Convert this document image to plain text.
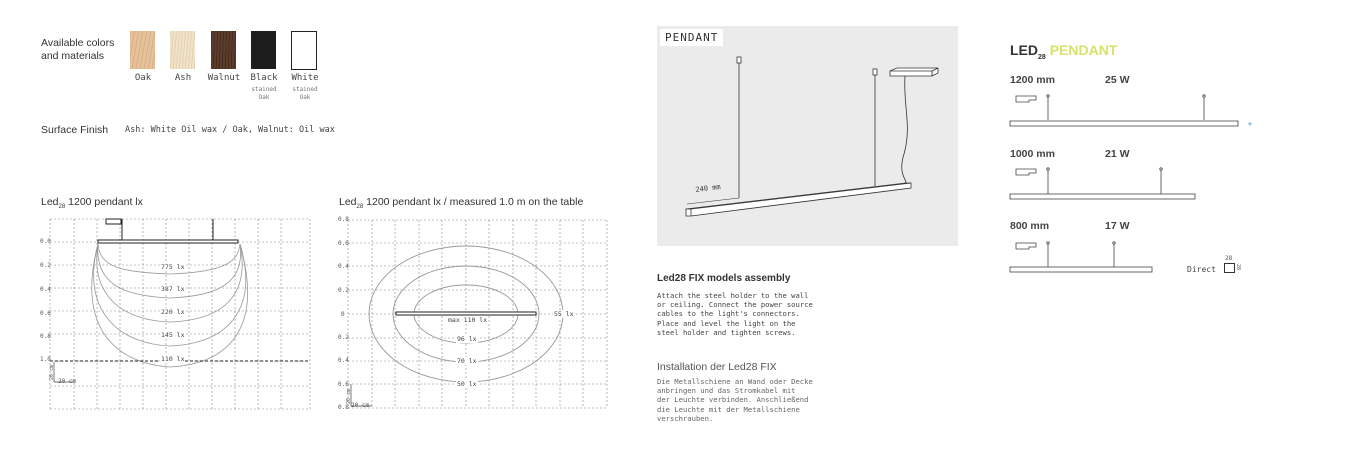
Available colors
and materials
Oak	Ash	Walnut	Black	White
stained
Oak
stained
Oak
Surface Finish Ash: White Oil wax / Oak, Walnut: Oil wax
Led$_{28}$ 1200 pendant lx
0.0
0.2
0.4
0.6
0.8
1.0
775 lx
387 lx
220 lx
145 lx
110 lx
20 cm
20 cm
Led$_{28}$ 1200 pendant lx / measured 1.0 m on the table
0.8
0.6
0.4
0.2
0
0.2
0.4
0.6
0.8
max 110 lx
96 lx
70 lx
50 lx
55 lx
20 cm
20 cm
PENDANT
240 mm
Led28 FIX models assembly
Attach the steel holder to the wall
or ceiling. Connect the power source
cables to the light's connectors.
Place and level the light on the
steel holder and tighten screws.
Installation der Led28 FIX
Die Metallschiene an Wand oder Decke
anbringen und das Stromkabel mit
der Leuchte verbinden. Anschließend
die Leuchte mit der Metallschiene
verschrauben.
$LED_{28}$ PENDANT
1200 mm	25 W
1000 mm	21 W
800 mm	17 W
*
Direct
28
28
